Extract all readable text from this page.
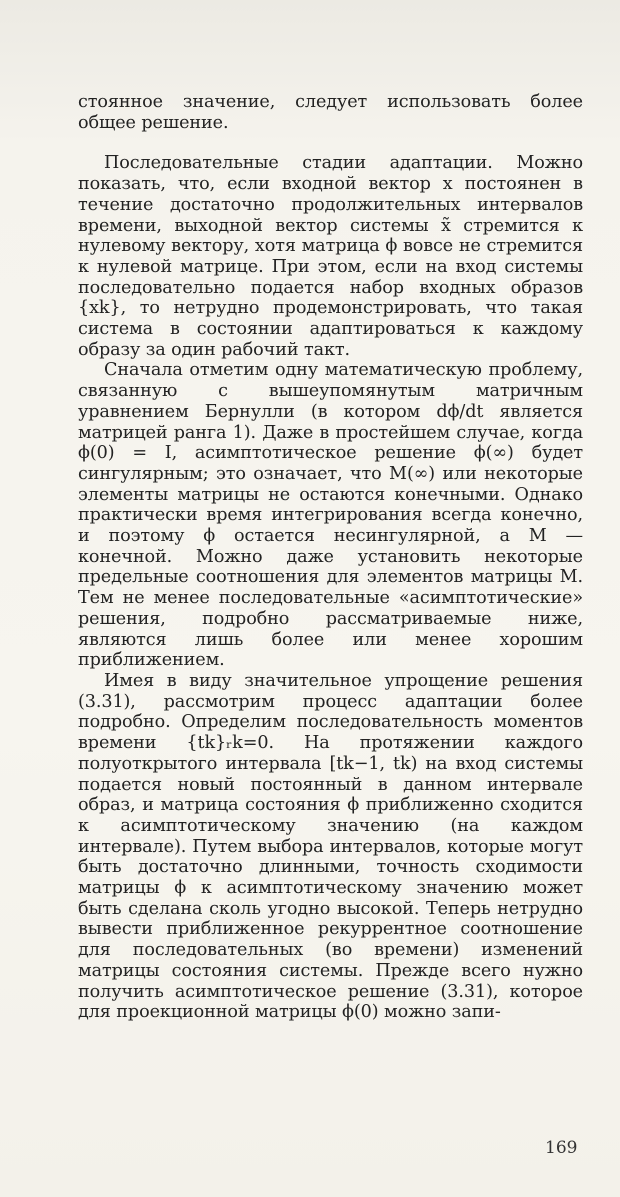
стоянное значение, следует использовать более общее решение.

Последовательные стадии адаптации. Можно показать, что, если входной вектор x постоянен в течение достаточно продолжительных интервалов времени, выходной вектор системы x̃ стремится к нулевому вектору, хотя матрица ϕ вовсе не стремится к нулевой матрице. При этом, если на вход системы последовательно подается набор входных образов {xk}, то нетрудно продемонстрировать, что такая система в состоянии адаптироваться к каждому образу за один рабочий такт.

Сначала отметим одну математическую проблему, связанную с вышеупомянутым матричным уравнением Бернулли (в котором dϕ/dt является матрицей ранга 1). Даже в простейшем случае, когда ϕ(0) = I, асимптотическое решение ϕ(∞) будет сингулярным; это означает, что M(∞) или некоторые элементы матрицы не остаются конечными. Однако практически время интегрирования всегда конечно, и поэтому ϕ остается несингулярной, а M — конечной. Можно даже установить некоторые предельные соотношения для элементов матрицы M. Тем не менее последовательные «асимптотические» решения, подробно рассматриваемые ниже, являются лишь более или менее хорошим приближением.

Имея в виду значительное упрощение решения (3.31), рассмотрим процесс адаптации более подробно. Определим последовательность моментов времени {tk}ᵣk=0. На протяжении каждого полуоткрытого интервала [tk−1, tk) на вход системы подается новый постоянный в данном интервале образ, и матрица состояния ϕ приближенно сходится к асимптотическому значению (на каждом интервале). Путем выбора интервалов, которые могут быть достаточно длинными, точность сходимости матрицы ϕ к асимптотическому значению может быть сделана сколь угодно высокой. Теперь нетрудно вывести приближенное рекуррентное соотношение для последовательных (во времени) изменений матрицы состояния системы. Прежде всего нужно получить асимптотическое решение (3.31), которое для проекционной матрицы ϕ(0) можно запи-

169
